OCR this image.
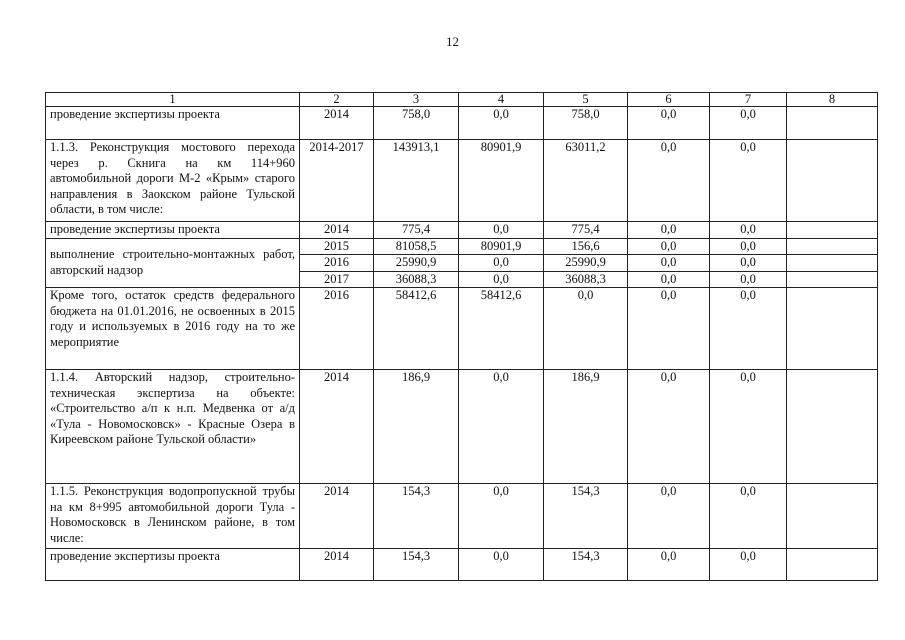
12
1	2	3	4	5	6	7	8
проведение экспертизы проекта	2014	758,0	0,0	758,0	0,0	0,0	
1.1.3. Реконструкция мостового перехода через р. Скнига на км 114+960 автомобильной дороги М-2 «Крым» старого направления в Заокском районе Тульской области, в том числе:	2014-2017	143913,1	80901,9	63011,2	0,0	0,0	
проведение экспертизы проекта	2014	775,4	0,0	775,4	0,0	0,0	
выполнение строительно-монтажных работ, авторский надзор	2015	81058,5	80901,9	156,6	0,0	0,0	
	2016	25990,9	0,0	25990,9	0,0	0,0	
	2017	36088,3	0,0	36088,3	0,0	0,0	
Кроме того, остаток средств федерального бюджета на 01.01.2016, не освоенных в 2015 году и используемых в 2016 году на то же мероприятие	2016	58412,6	58412,6	0,0	0,0	0,0	
1.1.4. Авторский надзор, строительно-техническая экспертиза на объекте: «Строительство а/п к н.п. Медвенка от а/д «Тула - Новомосковск» - Красные Озера в Киреевском районе Тульской области»	2014	186,9	0,0	186,9	0,0	0,0	
1.1.5. Реконструкция водопропускной трубы на км 8+995 автомобильной дороги Тула - Новомосковск в Ленинском районе, в том числе:	2014	154,3	0,0	154,3	0,0	0,0	
проведение экспертизы проекта	2014	154,3	0,0	154,3	0,0	0,0	
